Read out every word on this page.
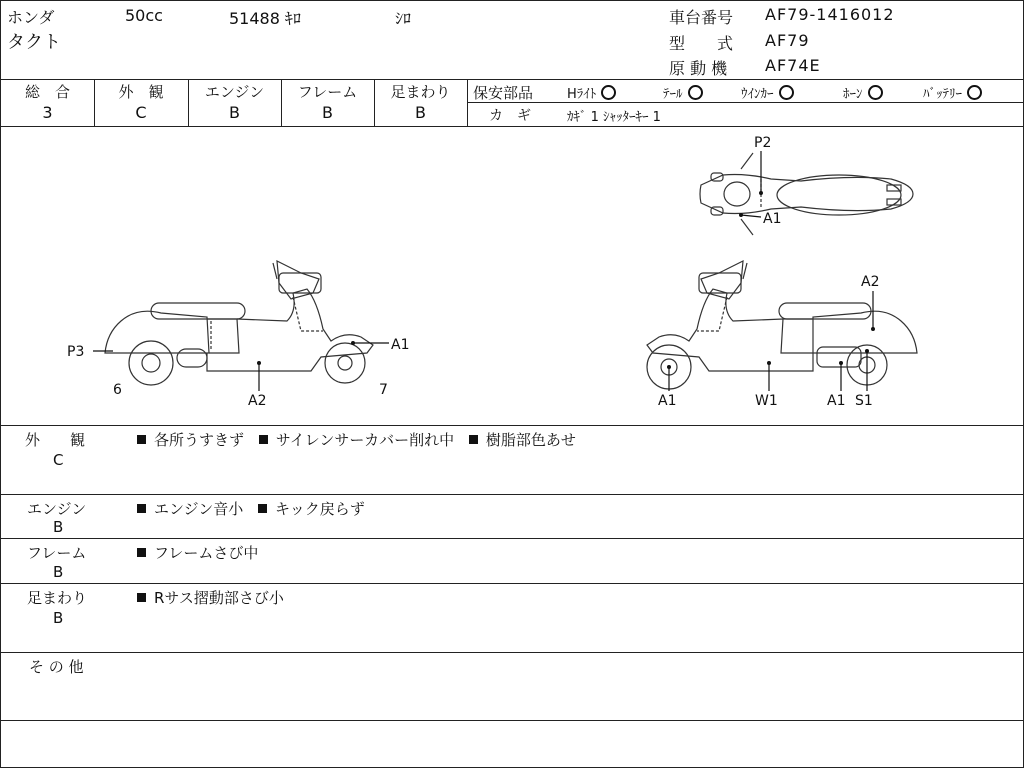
ホンダ	50cc	51488 ｷﾛ	ｼﾛ
タクト
車台番号 AF79-1416012
型　　式 AF79
原 動 機 AF74E
総　合
3
外　観
C
エンジン
B
フレーム
B
足まわり
B
保安部品	Hﾗｲﾄ	ﾃｰﾙ	ｳｲﾝｶｰ	ﾎｰﾝ	ﾊﾞｯﾃﾘｰ
カ　ギ	ｶｷﾞ 1 ｼｬｯﾀｰｷｰ 1
P2
A1
P3	A1
A2
6	7
A2
A1	W1	A1 S1
外　　観
C
各所うすきず サイレンサーカバー削れ中 樹脂部色あせ
エンジン
B
エンジン音小 キック戻らず
フレーム
B
フレームさび中
足まわり
B
Rサス摺動部さび小
そ の 他
